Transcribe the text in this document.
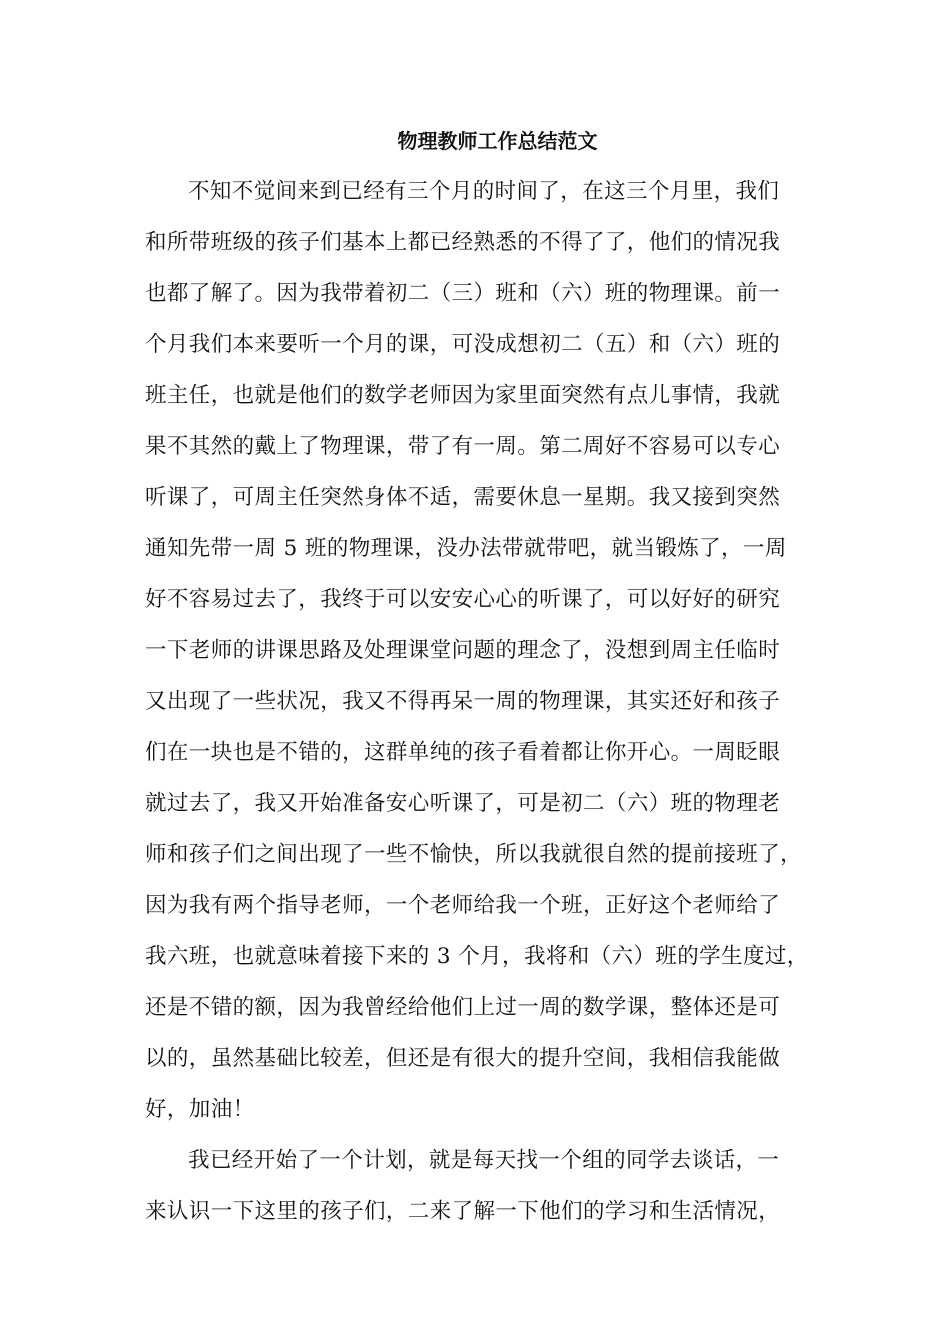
物理教师工作总结范文
不知不觉间来到已经有三个月的时间了，在这三个月里，我们
和所带班级的孩子们基本上都已经熟悉的不得了了，他们的情况我
也都了解了。因为我带着初二（三）班和（六）班的物理课。前一
个月我们本来要听一个月的课，可没成想初二（五）和（六）班的
班主任，也就是他们的数学老师因为家里面突然有点儿事情，我就
果不其然的戴上了物理课，带了有一周。第二周好不容易可以专心
听课了，可周主任突然身体不适，需要休息一星期。我又接到突然
通知先带一周 5 班的物理课，没办法带就带吧，就当锻炼了，一周
好不容易过去了，我终于可以安安心心的听课了，可以好好的研究
一下老师的讲课思路及处理课堂问题的理念了，没想到周主任临时
又出现了一些状况，我又不得再呆一周的物理课，其实还好和孩子
们在一块也是不错的，这群单纯的孩子看着都让你开心。一周眨眼
就过去了，我又开始准备安心听课了，可是初二（六）班的物理老
师和孩子们之间出现了一些不愉快，所以我就很自然的提前接班了，
因为我有两个指导老师，一个老师给我一个班，正好这个老师给了
我六班，也就意味着接下来的 3 个月，我将和（六）班的学生度过，
还是不错的额，因为我曾经给他们上过一周的数学课，整体还是可
以的，虽然基础比较差，但还是有很大的提升空间，我相信我能做
好，加油！
我已经开始了一个计划，就是每天找一个组的同学去谈话，一
来认识一下这里的孩子们，二来了解一下他们的学习和生活情况，
